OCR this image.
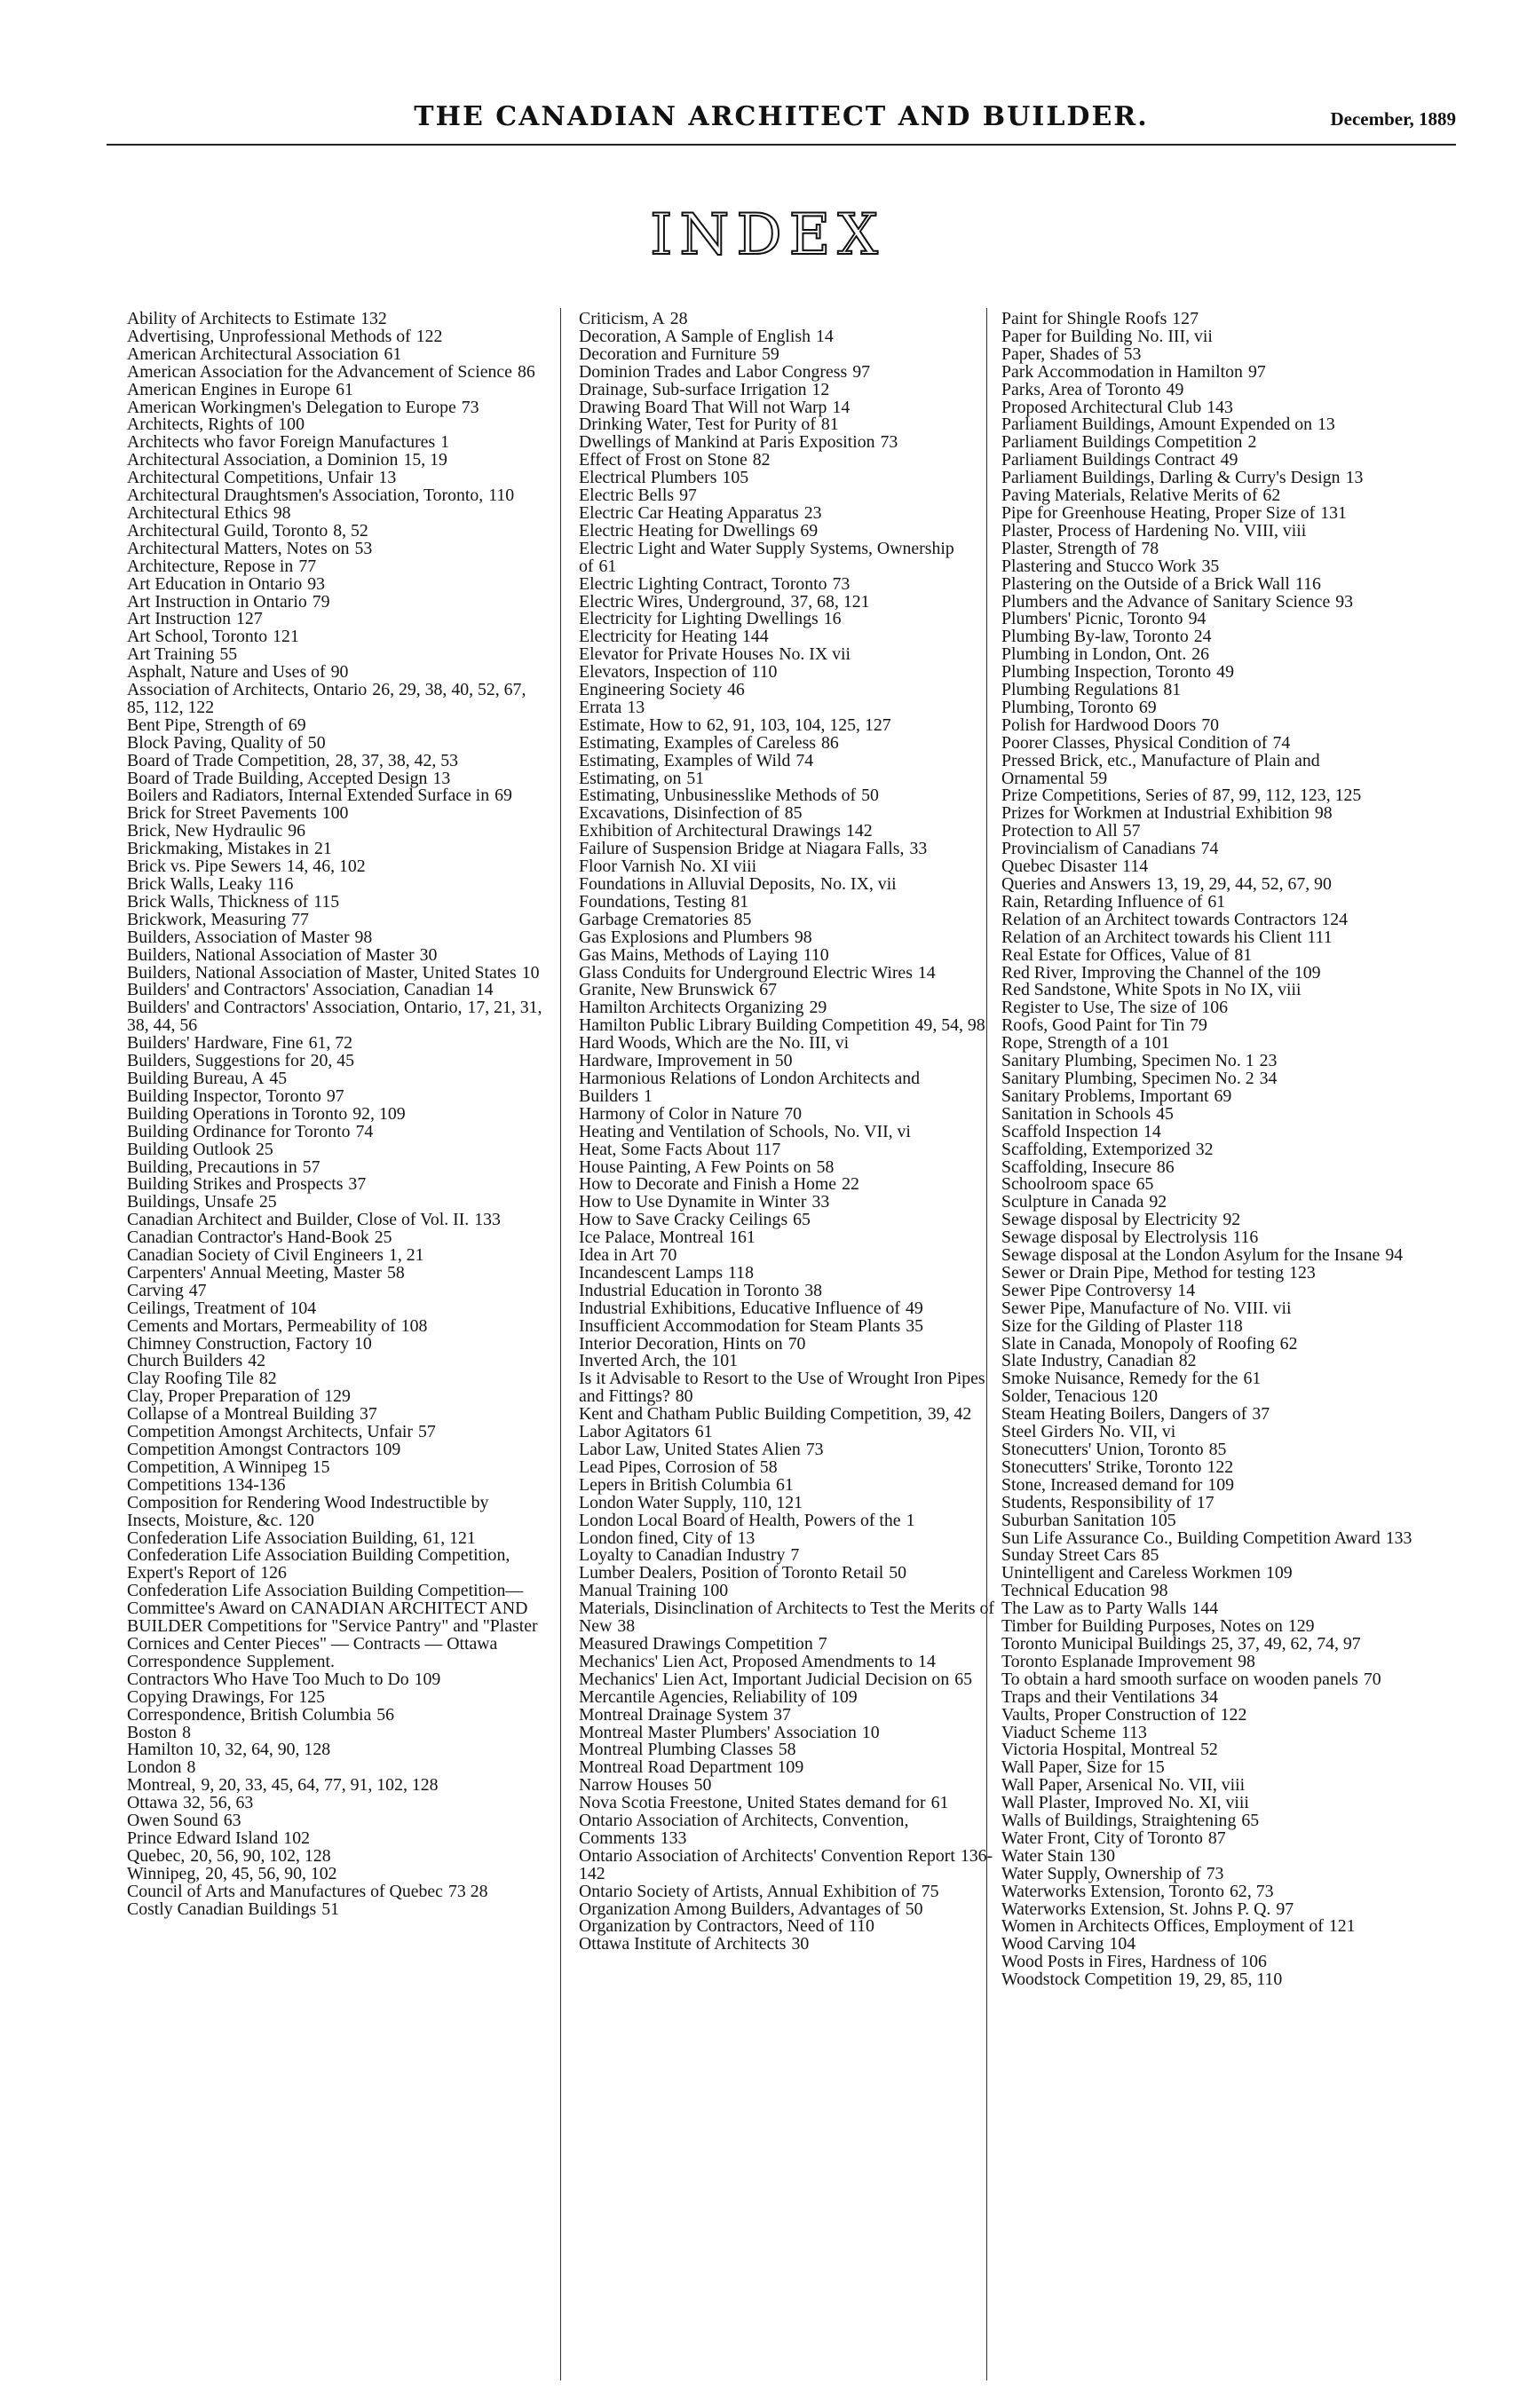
THE CANADIAN ARCHITECT AND BUILDER.	December, 1889
INDEX
Ability of Architects to Estimate 132
Advertising, Unprofessional Methods of 122
American Architectural Association 61
American Association for the Advancement of Science 86
American Engines in Europe 61
American Workingmen's Delegation to Europe 73
Architects, Rights of 100
Architects who favor Foreign Manufactures 1
Architectural Association, a Dominion 15, 19
Architectural Competitions, Unfair 13
Architectural Draughtsmen's Association, Toronto, 110
Architectural Ethics 98
Architectural Guild, Toronto 8, 52
Architectural Matters, Notes on 53
Architecture, Repose in 77
Art Education in Ontario 93
Art Instruction in Ontario 79
Art Instruction 127
Art School, Toronto 121
Art Training 55
Asphalt, Nature and Uses of 90
Association of Architects, Ontario 26, 29, 38, 40, 52, 67, 85, 112, 122
Bent Pipe, Strength of 69
Block Paving, Quality of 50
Board of Trade Competition, 28, 37, 38, 42, 53
Board of Trade Building, Accepted Design 13
Boilers and Radiators, Internal Extended Surface in 69
Brick for Street Pavements 100
Brick, New Hydraulic 96
Brickmaking, Mistakes in 21
Brick vs. Pipe Sewers 14, 46, 102
Brick Walls, Leaky 116
Brick Walls, Thickness of 115
Brickwork, Measuring 77
Builders, Association of Master 98
Builders, National Association of Master 30
Builders, National Association of Master, United States 10
Builders' and Contractors' Association, Canadian 14
Builders' and Contractors' Association, Ontario, 17, 21, 31, 38, 44, 56
Builders' Hardware, Fine 61, 72
Builders, Suggestions for 20, 45
Building Bureau, A 45
Building Inspector, Toronto 97
Building Operations in Toronto 92, 109
Building Ordinance for Toronto 74
Building Outlook 25
Building, Precautions in 57
Building Strikes and Prospects 37
Buildings, Unsafe 25
Canadian Architect and Builder, Close of Vol. II. 133
Canadian Contractor's Hand-Book 25
Canadian Society of Civil Engineers 1, 21
Carpenters' Annual Meeting, Master 58
Carving 47
Ceilings, Treatment of 104
Cements and Mortars, Permeability of 108
Chimney Construction, Factory 10
Church Builders 42
Clay Roofing Tile 82
Clay, Proper Preparation of 129
Collapse of a Montreal Building 37
Competition Amongst Architects, Unfair 57
Competition Amongst Contractors 109
Competition, A Winnipeg 15
Competitions 134-136
Composition for Rendering Wood Indestructible by Insects, Moisture, &c. 120
Confederation Life Association Building, 61, 121
Confederation Life Association Building Competition, Expert's Report of 126
Confederation Life Association Building Competition—Committee's Award on CANADIAN ARCHITECT AND BUILDER Competitions for "Service Pantry" and "Plaster Cornices and Center Pieces" — Contracts — Ottawa Correspondence Supplement.
Contractors Who Have Too Much to Do 109
Copying Drawings, For 125
Correspondence, British Columbia 56
Boston 8
Hamilton 10, 32, 64, 90, 128
London 8
Montreal, 9, 20, 33, 45, 64, 77, 91, 102, 128
Ottawa 32, 56, 63
Owen Sound 63
Prince Edward Island 102
Quebec, 20, 56, 90, 102, 128
Winnipeg, 20, 45, 56, 90, 102
Council of Arts and Manufactures of Quebec 73 28
Costly Canadian Buildings 51
Criticism, A 28
Decoration, A Sample of English 14
Decoration and Furniture 59
Dominion Trades and Labor Congress 97
Drainage, Sub-surface Irrigation 12
Drawing Board That Will not Warp 14
Drinking Water, Test for Purity of 81
Dwellings of Mankind at Paris Exposition 73
Effect of Frost on Stone 82
Electrical Plumbers 105
Electric Bells 97
Electric Car Heating Apparatus 23
Electric Heating for Dwellings 69
Electric Light and Water Supply Systems, Ownership of 61
Electric Lighting Contract, Toronto 73
Electric Wires, Underground, 37, 68, 121
Electricity for Lighting Dwellings 16
Electricity for Heating 144
Elevator for Private Houses No. IX vii
Elevators, Inspection of 110
Engineering Society 46
Errata 13
Estimate, How to 62, 91, 103, 104, 125, 127
Estimating, Examples of Careless 86
Estimating, Examples of Wild 74
Estimating, on 51
Estimating, Unbusinesslike Methods of 50
Excavations, Disinfection of 85
Exhibition of Architectural Drawings 142
Failure of Suspension Bridge at Niagara Falls, 33
Floor Varnish No. XI viii
Foundations in Alluvial Deposits, No. IX, vii
Foundations, Testing 81
Garbage Crematories 85
Gas Explosions and Plumbers 98
Gas Mains, Methods of Laying 110
Glass Conduits for Underground Electric Wires 14
Granite, New Brunswick 67
Hamilton Architects Organizing 29
Hamilton Public Library Building Competition 49, 54, 98
Hard Woods, Which are the No. III, vi
Hardware, Improvement in 50
Harmonious Relations of London Architects and Builders 1
Harmony of Color in Nature 70
Heating and Ventilation of Schools, No. VII, vi
Heat, Some Facts About 117
House Painting, A Few Points on 58
How to Decorate and Finish a Home 22
How to Use Dynamite in Winter 33
How to Save Cracky Ceilings 65
Ice Palace, Montreal 161
Idea in Art 70
Incandescent Lamps 118
Industrial Education in Toronto 38
Industrial Exhibitions, Educative Influence of 49
Insufficient Accommodation for Steam Plants 35
Interior Decoration, Hints on 70
Inverted Arch, the 101
Is it Advisable to Resort to the Use of Wrought Iron Pipes and Fittings? 80
Kent and Chatham Public Building Competition, 39, 42
Labor Agitators 61
Labor Law, United States Alien 73
Lead Pipes, Corrosion of 58
Lepers in British Columbia 61
London Water Supply, 110, 121
London Local Board of Health, Powers of the 1
London fined, City of 13
Loyalty to Canadian Industry 7
Lumber Dealers, Position of Toronto Retail 50
Manual Training 100
Materials, Disinclination of Architects to Test the Merits of New 38
Measured Drawings Competition 7
Mechanics' Lien Act, Proposed Amendments to 14
Mechanics' Lien Act, Important Judicial Decision on 65
Mercantile Agencies, Reliability of 109
Montreal Drainage System 37
Montreal Master Plumbers' Association 10
Montreal Plumbing Classes 58
Montreal Road Department 109
Narrow Houses 50
Nova Scotia Freestone, United States demand for 61
Ontario Association of Architects, Convention, Comments 133
Ontario Association of Architects' Convention Report 136-142
Ontario Society of Artists, Annual Exhibition of 75
Organization Among Builders, Advantages of 50
Organization by Contractors, Need of 110
Ottawa Institute of Architects 30
Paint for Shingle Roofs 127
Paper for Building No. III, vii
Paper, Shades of 53
Park Accommodation in Hamilton 97
Parks, Area of Toronto 49
Proposed Architectural Club 143
Parliament Buildings, Amount Expended on 13
Parliament Buildings Competition 2
Parliament Buildings Contract 49
Parliament Buildings, Darling & Curry's Design 13
Paving Materials, Relative Merits of 62
Pipe for Greenhouse Heating, Proper Size of 131
Plaster, Process of Hardening No. VIII, viii
Plaster, Strength of 78
Plastering and Stucco Work 35
Plastering on the Outside of a Brick Wall 116
Plumbers and the Advance of Sanitary Science 93
Plumbers' Picnic, Toronto 94
Plumbing By-law, Toronto 24
Plumbing in London, Ont. 26
Plumbing Inspection, Toronto 49
Plumbing Regulations 81
Plumbing, Toronto 69
Polish for Hardwood Doors 70
Poorer Classes, Physical Condition of 74
Pressed Brick, etc., Manufacture of Plain and Ornamental 59
Prize Competitions, Series of 87, 99, 112, 123, 125
Prizes for Workmen at Industrial Exhibition 98
Protection to All 57
Provincialism of Canadians 74
Quebec Disaster 114
Queries and Answers 13, 19, 29, 44, 52, 67, 90
Rain, Retarding Influence of 61
Relation of an Architect towards Contractors 124
Relation of an Architect towards his Client 111
Real Estate for Offices, Value of 81
Red River, Improving the Channel of the 109
Red Sandstone, White Spots in No IX, viii
Register to Use, The size of 106
Roofs, Good Paint for Tin 79
Rope, Strength of a 101
Sanitary Plumbing, Specimen No. 1 23
Sanitary Plumbing, Specimen No. 2 34
Sanitary Problems, Important 69
Sanitation in Schools 45
Scaffold Inspection 14
Scaffolding, Extemporized 32
Scaffolding, Insecure 86
Schoolroom space 65
Sculpture in Canada 92
Sewage disposal by Electricity 92
Sewage disposal by Electrolysis 116
Sewage disposal at the London Asylum for the Insane 94
Sewer or Drain Pipe, Method for testing 123
Sewer Pipe Controversy 14
Sewer Pipe, Manufacture of No. VIII. vii
Size for the Gilding of Plaster 118
Slate in Canada, Monopoly of Roofing 62
Slate Industry, Canadian 82
Smoke Nuisance, Remedy for the 61
Solder, Tenacious 120
Steam Heating Boilers, Dangers of 37
Steel Girders No. VII, vi
Stonecutters' Union, Toronto 85
Stonecutters' Strike, Toronto 122
Stone, Increased demand for 109
Students, Responsibility of 17
Suburban Sanitation 105
Sun Life Assurance Co., Building Competition Award 133
Sunday Street Cars 85
Unintelligent and Careless Workmen 109
Technical Education 98
The Law as to Party Walls 144
Timber for Building Purposes, Notes on 129
Toronto Municipal Buildings 25, 37, 49, 62, 74, 97
Toronto Esplanade Improvement 98
To obtain a hard smooth surface on wooden panels 70
Traps and their Ventilations 34
Vaults, Proper Construction of 122
Viaduct Scheme 113
Victoria Hospital, Montreal 52
Wall Paper, Size for 15
Wall Paper, Arsenical No. VII, viii
Wall Plaster, Improved No. XI, viii
Walls of Buildings, Straightening 65
Water Front, City of Toronto 87
Water Stain 130
Water Supply, Ownership of 73
Waterworks Extension, Toronto 62, 73
Waterworks Extension, St. Johns P. Q. 97
Women in Architects Offices, Employment of 121
Wood Carving 104
Wood Posts in Fires, Hardness of 106
Woodstock Competition 19, 29, 85, 110
